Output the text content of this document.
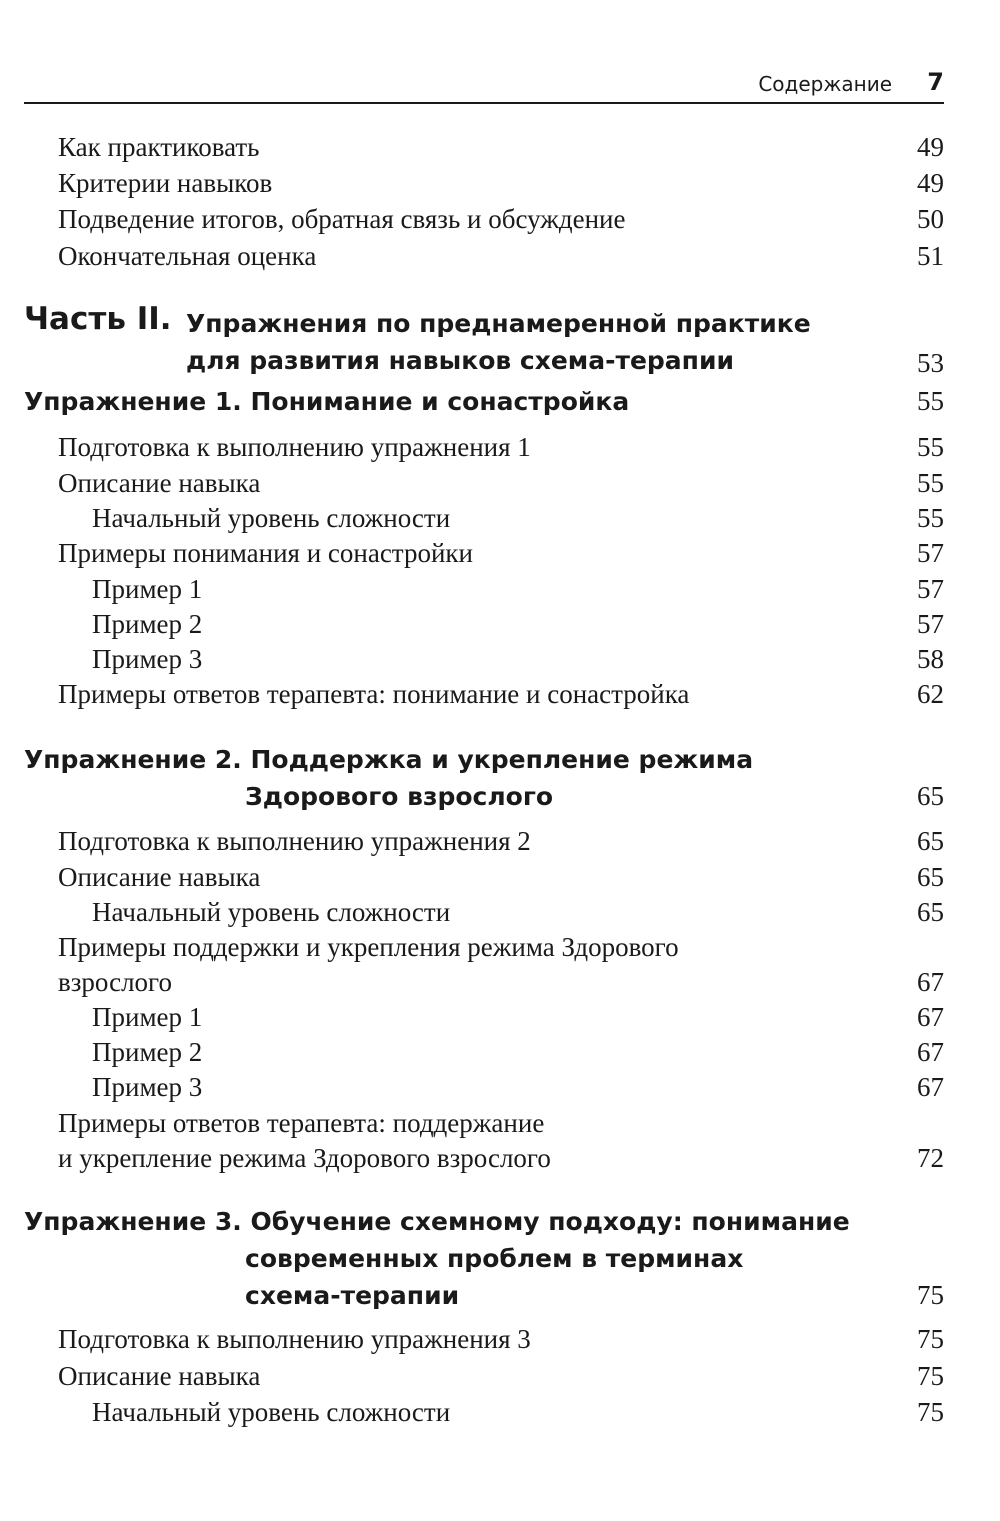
Содержание 7
Как практиковать	49
Критерии навыков	49
Подведение итогов, обратная связь и обсуждение	50
Окончательная оценка	51
Часть II. Упражнения по преднамеренной практике
для развития навыков схема-терапии	53
Упражнение 1. Понимание и сонастройка	55
Подготовка к выполнению упражнения 1	55
Описание навыка	55
Начальный уровень сложности	55
Примеры понимания и сонастройки	57
Пример 1	57
Пример 2	57
Пример 3	58
Примеры ответов терапевта: понимание и сонастройка	62
Упражнение 2. Поддержка и укрепление режима
Здорового взрослого	65
Подготовка к выполнению упражнения 2	65
Описание навыка	65
Начальный уровень сложности	65
Примеры поддержки и укрепления режима Здорового
взрослого	67
Пример 1	67
Пример 2	67
Пример 3	67
Примеры ответов терапевта: поддержание
и укрепление режима Здорового взрослого	72
Упражнение 3. Обучение схемному подходу: понимание
современных проблем в терминах
схема-терапии	75
Подготовка к выполнению упражнения 3	75
Описание навыка	75
Начальный уровень сложности	75
